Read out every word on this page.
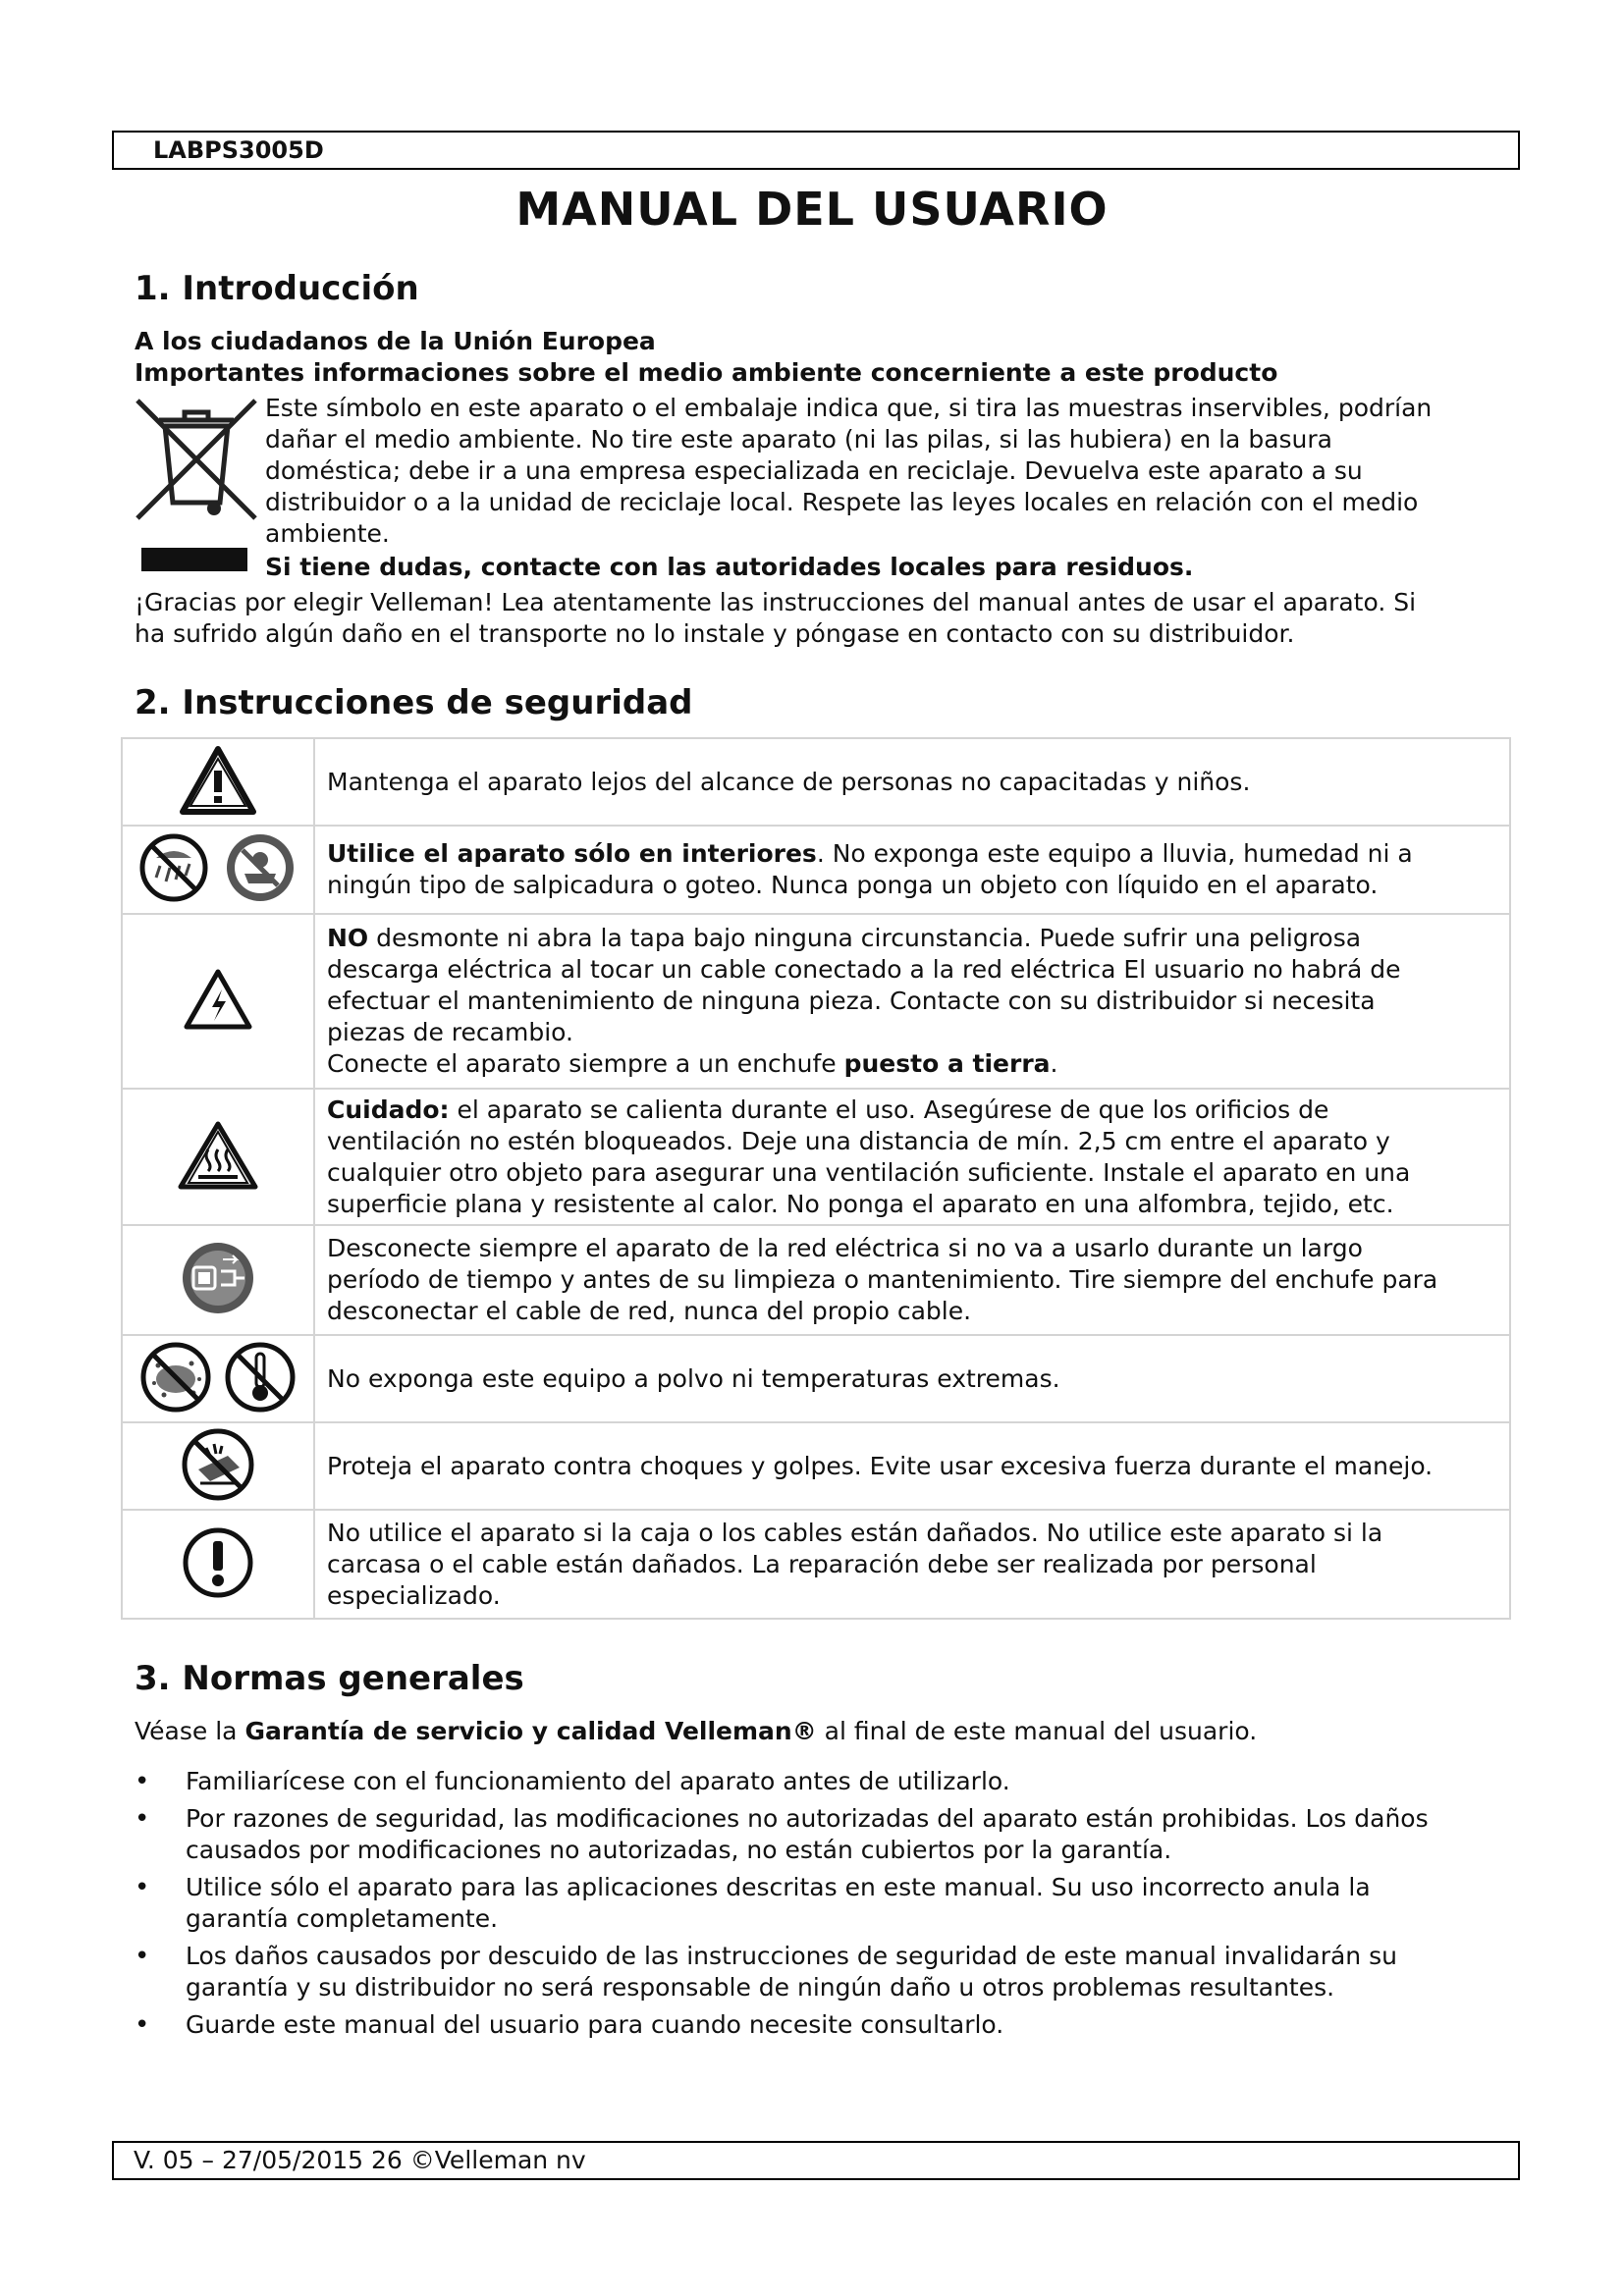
LABPS3005D
MANUAL DEL USUARIO
1. Introducción
A los ciudadanos de la Unión Europea
Importantes informaciones sobre el medio ambiente concerniente a este producto
Este símbolo en este aparato o el embalaje indica que, si tira las muestras inservibles, podrían
dañar el medio ambiente. No tire este aparato (ni las pilas, si las hubiera) en la basura
doméstica; debe ir a una empresa especializada en reciclaje. Devuelva este aparato a su
distribuidor o a la unidad de reciclaje local. Respete las leyes locales en relación con el medio
ambiente.
Si tiene dudas, contacte con las autoridades locales para residuos.
¡Gracias por elegir Velleman! Lea atentamente las instrucciones del manual antes de usar el aparato. Si
ha sufrido algún daño en el transporte no lo instale y póngase en contacto con su distribuidor.
2. Instrucciones de seguridad
	Mantenga el aparato lejos del alcance de personas no capacitadas y niños.

Utilice el aparato sólo en interiores. No exponga este equipo a lluvia, humedad ni a
ningún tipo de salpicadura o goteo. Nunca ponga un objeto con líquido en el aparato.

NO desmonte ni abra la tapa bajo ninguna circunstancia. Puede sufrir una peligrosa
descarga eléctrica al tocar un cable conectado a la red eléctrica El usuario no habrá de
efectuar el mantenimiento de ninguna pieza. Contacte con su distribuidor si necesita
piezas de recambio.
Conecte el aparato siempre a un enchufe puesto a tierra.

Cuidado: el aparato se calienta durante el uso. Asegúrese de que los orificios de
ventilación no estén bloqueados. Deje una distancia de mín. 2,5 cm entre el aparato y
cualquier otro objeto para asegurar una ventilación suficiente. Instale el aparato en una
superficie plana y resistente al calor. No ponga el aparato en una alfombra, tejido, etc.

Desconecte siempre el aparato de la red eléctrica si no va a usarlo durante un largo
período de tiempo y antes de su limpieza o mantenimiento. Tire siempre del enchufe para
desconectar el cable de red, nunca del propio cable.

	No exponga este equipo a polvo ni temperaturas extremas.
	Proteja el aparato contra choques y golpes. Evite usar excesiva fuerza durante el manejo.

No utilice el aparato si la caja o los cables están dañados. No utilice este aparato si la
carcasa o el cable están dañados. La reparación debe ser realizada por personal
especializado.
3. Normas generales
Véase la Garantía de servicio y calidad Velleman® al final de este manual del usuario.
• Familiarícese con el funcionamiento del aparato antes de utilizarlo.
• Por razones de seguridad, las modificaciones no autorizadas del aparato están prohibidas. Los daños
causados por modificaciones no autorizadas, no están cubiertos por la garantía.
• Utilice sólo el aparato para las aplicaciones descritas en este manual. Su uso incorrecto anula la
garantía completamente.
• Los daños causados por descuido de las instrucciones de seguridad de este manual invalidarán su
garantía y su distribuidor no será responsable de ningún daño u otros problemas resultantes.
• Guarde este manual del usuario para cuando necesite consultarlo.
V. 05 – 27/05/2015 26 ©Velleman nv
